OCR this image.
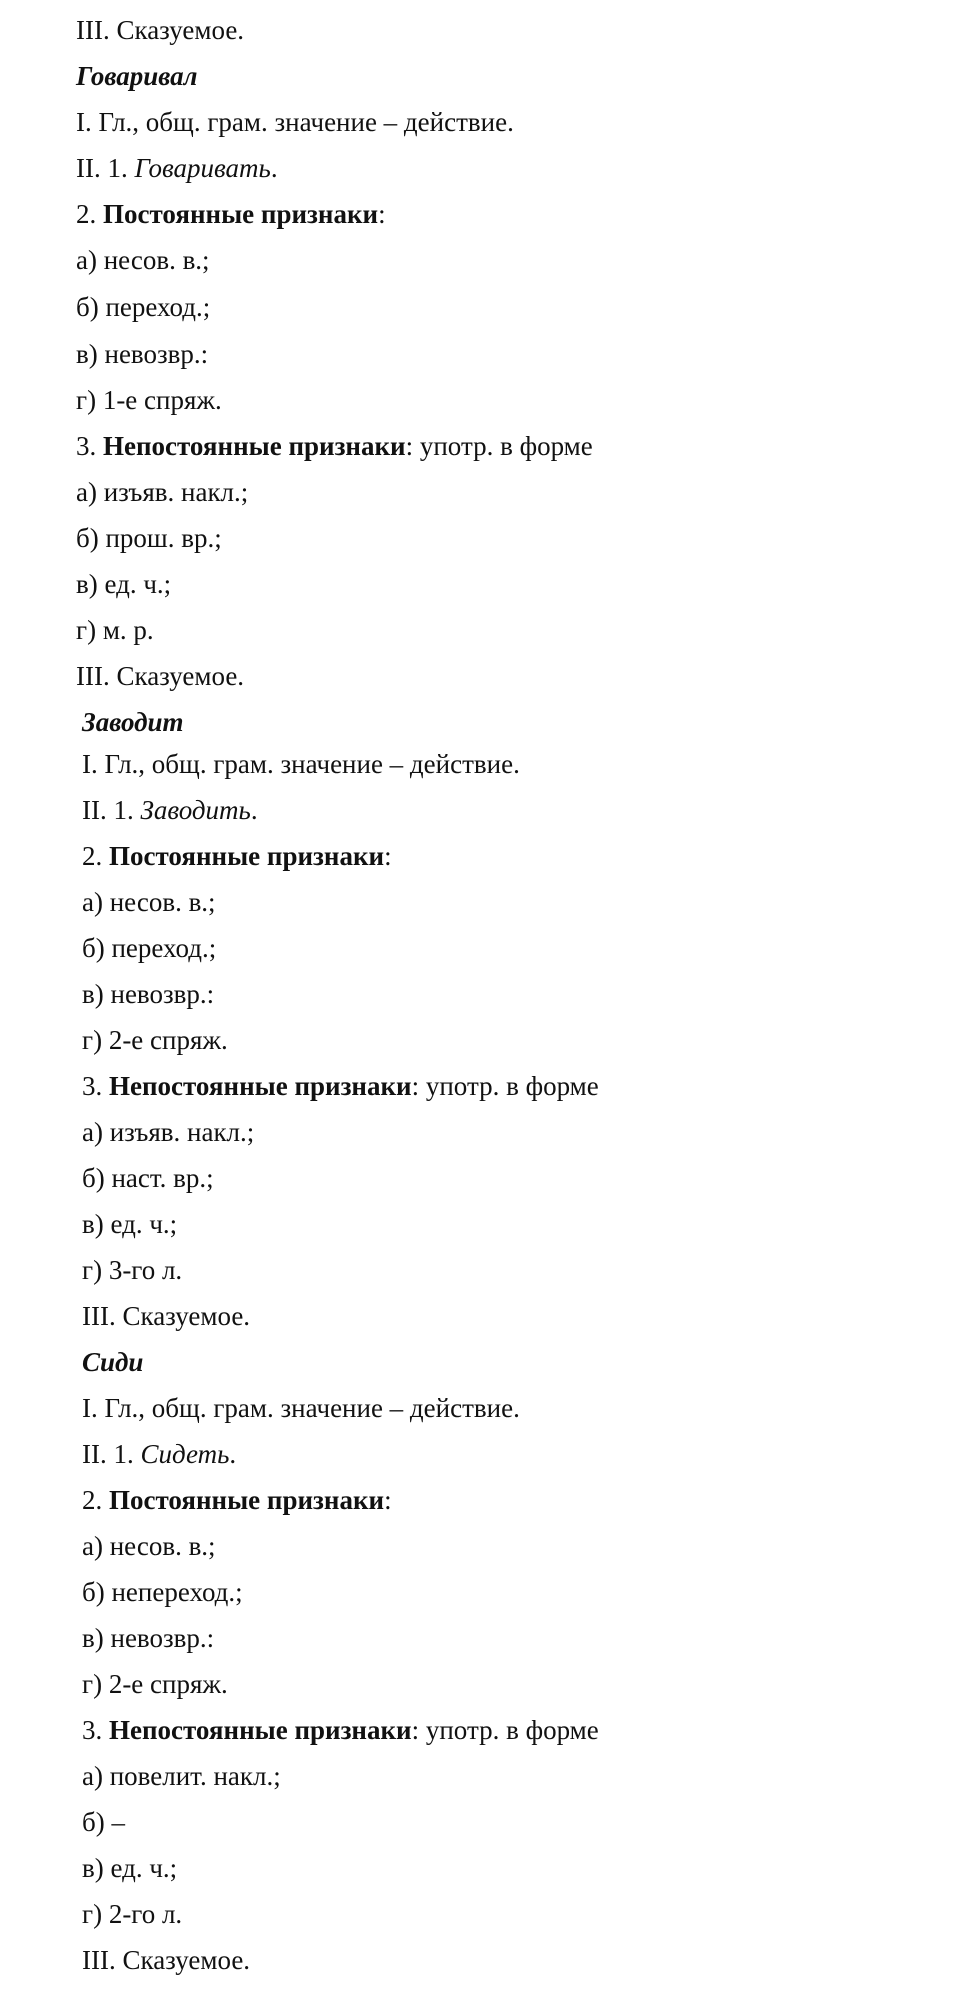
III. Сказуемое.
Говаривал
I. Гл., общ. грам. значение – действие.
II. 1. Говаривать.
2. Постоянные признаки:
а) несов. в.;
б) переход.;
в) невозвр.:
г) 1-е спряж.
3. Непостоянные признаки: употр. в форме
а) изъяв. накл.;
б) прош. вр.;
в) ед. ч.;
г) м. р.
III. Сказуемое.
Заводит
I. Гл., общ. грам. значение – действие.
II. 1. Заводить.
2. Постоянные признаки:
а) несов. в.;
б) переход.;
в) невозвр.:
г) 2-е спряж.
3. Непостоянные признаки: употр. в форме
а) изъяв. накл.;
б) наст. вр.;
в) ед. ч.;
г) 3-го л.
III. Сказуемое.
Сиди
I. Гл., общ. грам. значение – действие.
II. 1. Сидеть.
2. Постоянные признаки:
а) несов. в.;
б) непереход.;
в) невозвр.:
г) 2-е спряж.
3. Непостоянные признаки: употр. в форме
а) повелит. накл.;
б) –
в) ед. ч.;
г) 2-го л.
III. Сказуемое.
